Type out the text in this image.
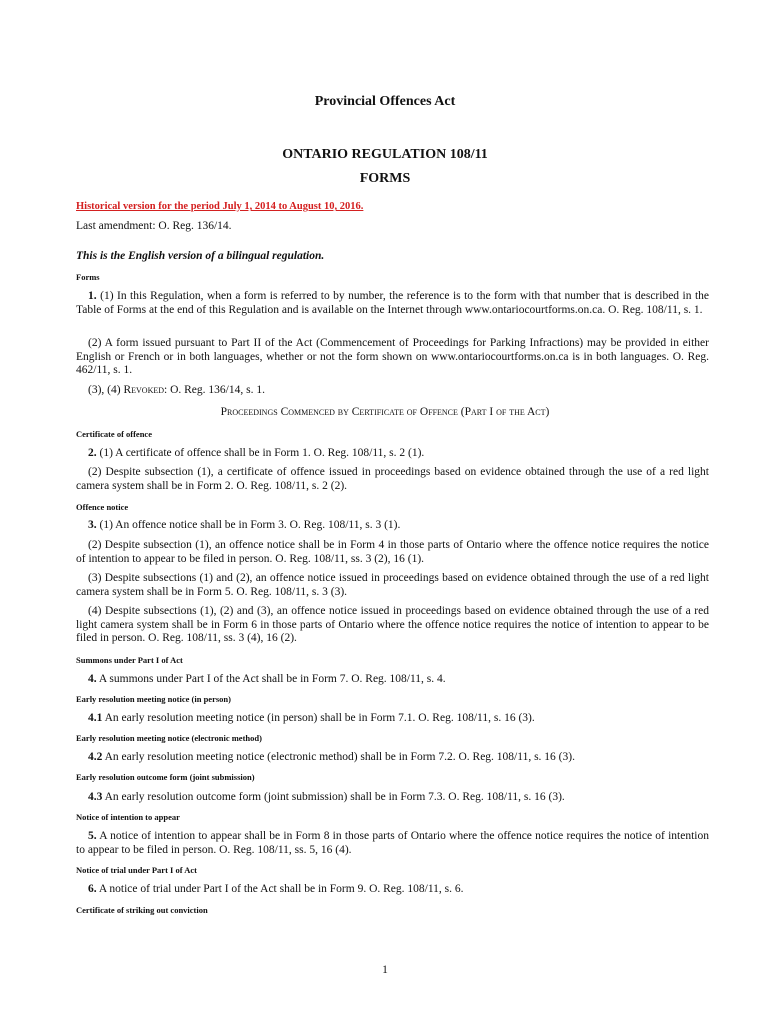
Provincial Offences Act
ONTARIO REGULATION 108/11
FORMS
Historical version for the period July 1, 2014 to August 10, 2016.
Last amendment: O. Reg. 136/14.
This is the English version of a bilingual regulation.
Forms
1. (1) In this Regulation, when a form is referred to by number, the reference is to the form with that number that is described in the Table of Forms at the end of this Regulation and is available on the Internet through www.ontariocourtforms.on.ca. O. Reg. 108/11, s. 1.
(2) A form issued pursuant to Part II of the Act (Commencement of Proceedings for Parking Infractions) may be provided in either English or French or in both languages, whether or not the form shown on www.ontariocourtforms.on.ca is in both languages. O. Reg. 462/11, s. 1.
(3), (4) Revoked: O. Reg. 136/14, s. 1.
Proceedings Commenced by Certificate of Offence (Part I of the Act)
Certificate of offence
2. (1) A certificate of offence shall be in Form 1. O. Reg. 108/11, s. 2 (1).
(2) Despite subsection (1), a certificate of offence issued in proceedings based on evidence obtained through the use of a red light camera system shall be in Form 2. O. Reg. 108/11, s. 2 (2).
Offence notice
3. (1) An offence notice shall be in Form 3. O. Reg. 108/11, s. 3 (1).
(2) Despite subsection (1), an offence notice shall be in Form 4 in those parts of Ontario where the offence notice requires the notice of intention to appear to be filed in person. O. Reg. 108/11, ss. 3 (2), 16 (1).
(3) Despite subsections (1) and (2), an offence notice issued in proceedings based on evidence obtained through the use of a red light camera system shall be in Form 5. O. Reg. 108/11, s. 3 (3).
(4) Despite subsections (1), (2) and (3), an offence notice issued in proceedings based on evidence obtained through the use of a red light camera system shall be in Form 6 in those parts of Ontario where the offence notice requires the notice of intention to appear to be filed in person. O. Reg. 108/11, ss. 3 (4), 16 (2).
Summons under Part I of Act
4. A summons under Part I of the Act shall be in Form 7. O. Reg. 108/11, s. 4.
Early resolution meeting notice (in person)
4.1 An early resolution meeting notice (in person) shall be in Form 7.1. O. Reg. 108/11, s. 16 (3).
Early resolution meeting notice (electronic method)
4.2 An early resolution meeting notice (electronic method) shall be in Form 7.2. O. Reg. 108/11, s. 16 (3).
Early resolution outcome form (joint submission)
4.3 An early resolution outcome form (joint submission) shall be in Form 7.3. O. Reg. 108/11, s. 16 (3).
Notice of intention to appear
5. A notice of intention to appear shall be in Form 8 in those parts of Ontario where the offence notice requires the notice of intention to appear to be filed in person. O. Reg. 108/11, ss. 5, 16 (4).
Notice of trial under Part I of Act
6. A notice of trial under Part I of the Act shall be in Form 9. O. Reg. 108/11, s. 6.
Certificate of striking out conviction
1
